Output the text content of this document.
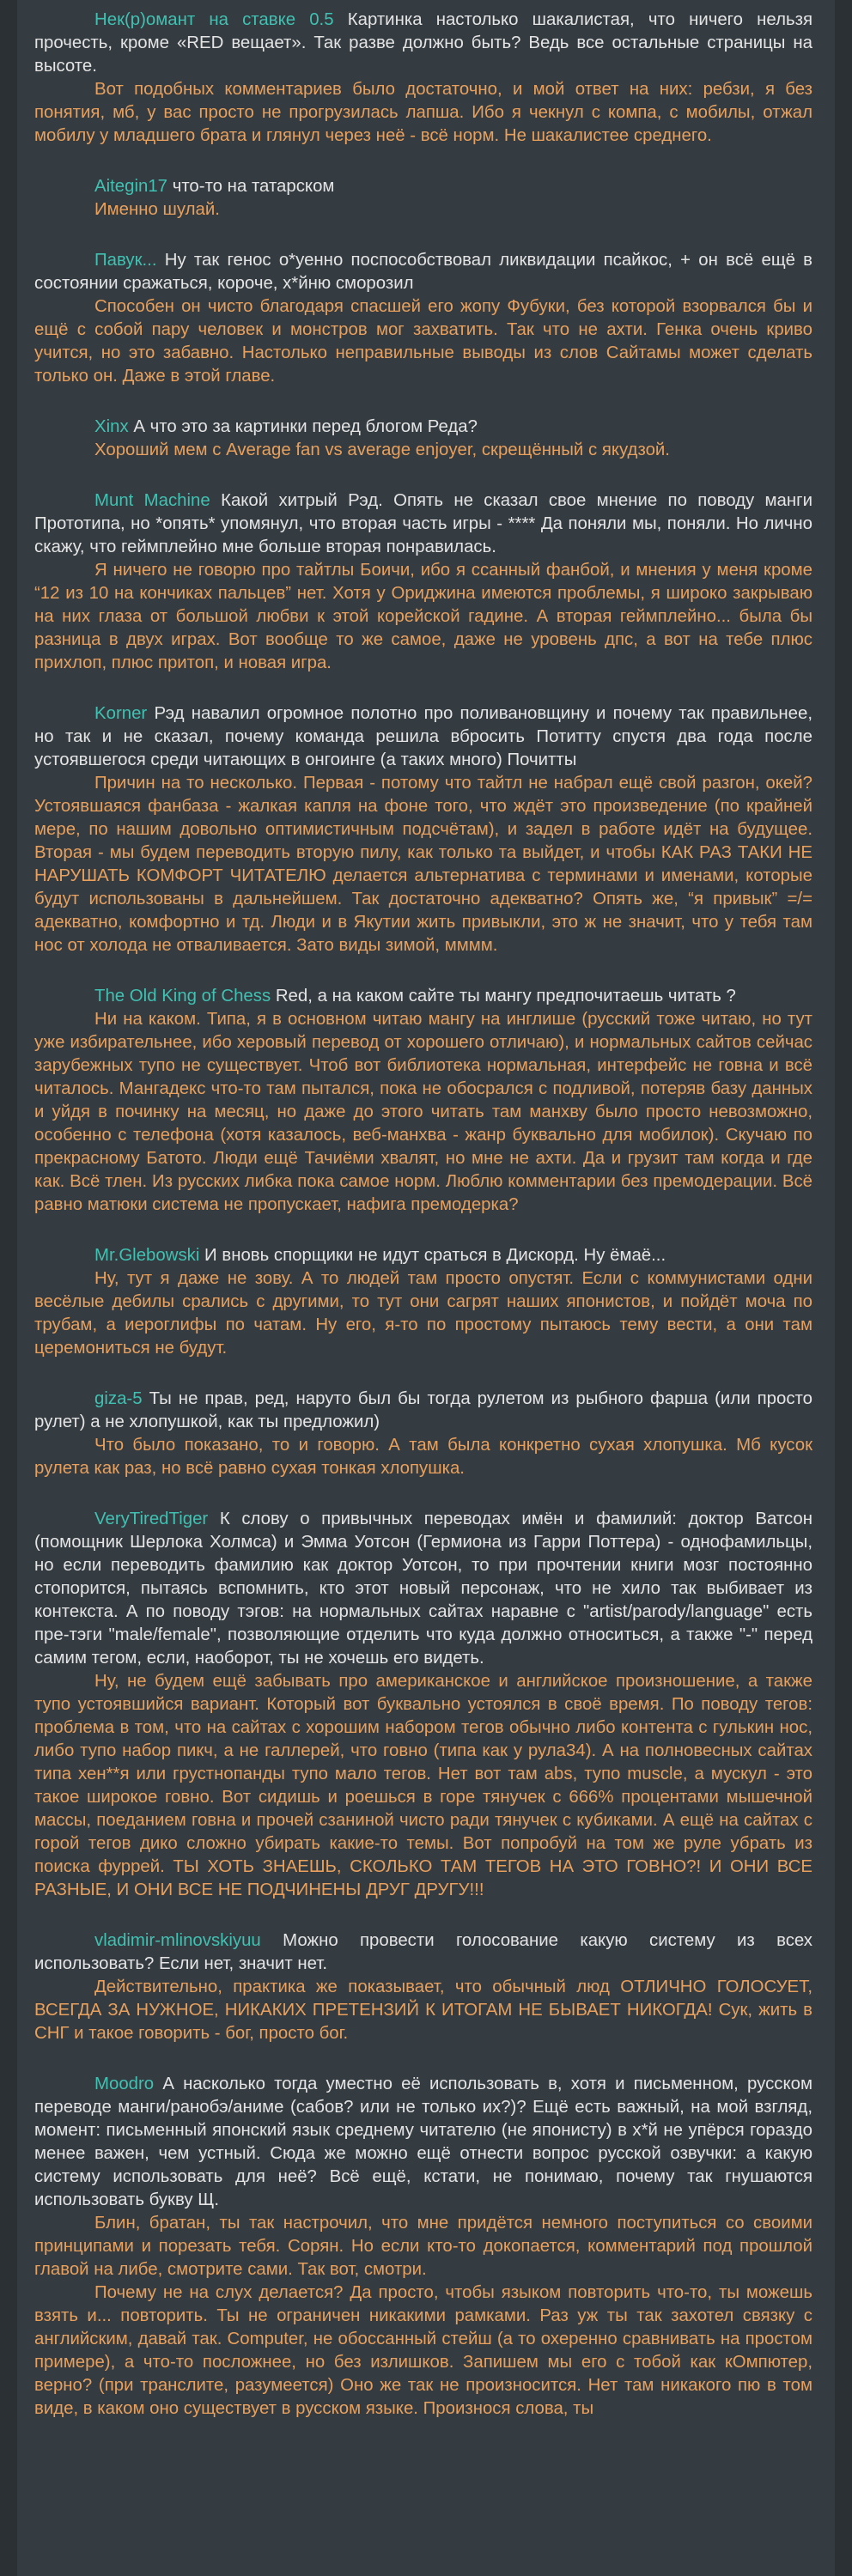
Нек(р)омант на ставке 0.5 Картинка настолько шакалистая, что ничего нельзя прочесть, кроме «RED вещает». Так разве должно быть? Ведь все остальные страницы на высоте.

Вот подобных комментариев было достаточно, и мой ответ на них: ребзи, я без понятия, мб, у вас просто не прогрузилась лапша. Ибо я чекнул с компа, с мобилы, отжал мобилу у младшего брата и глянул через неё - всё норм. Не шакалистее среднего.

Aitegin17 что-то на татарском

Именно шулай.

Павук... Ну так генос о*уенно поспособствовал ликвидации псайкос, + он всё ещё в состоянии сражаться, короче, х*йню сморозил

Способен он чисто благодаря спасшей его жопу Фубуки, без которой взорвался бы и ещё с собой пару человек и монстров мог захватить. Так что не ахти. Генка очень криво учится, но это забавно. Настолько неправильные выводы из слов Сайтамы может сделать только он. Даже в этой главе.

Xinx А что это за картинки перед блогом Реда?

Хороший мем с Average fan vs average enjoyer, скрещённый с якудзой.

Munt Machine Какой хитрый Рэд. Опять не сказал свое мнение по поводу манги Прототипа, но *опять* упомянул, что вторая часть игры - **** Да поняли мы, поняли. Но лично скажу, что геймплейно мне больше вторая понравилась.

Я ничего не говорю про тайтлы Боичи, ибо я ссанный фанбой, и мнения у меня кроме “12 из 10 на кончиках пальцев” нет. Хотя у Ориджина имеются проблемы, я широко закрываю на них глаза от большой любви к этой корейской гадине. А вторая геймплейно... была бы разница в двух играх. Вот вообще то же самое, даже не уровень дпс, а вот на тебе плюс прихлоп, плюс притоп, и новая игра.

Korner Рэд навалил огромное полотно про поливановщину и почему так правильнее, но так и не сказал, почему команда решила вбросить Потитту спустя два года после устоявшегося среди читающих в онгоинге (а таких много) Почитты

Причин на то несколько. Первая - потому что тайтл не набрал ещё свой разгон, окей? Устоявшаяся фанбаза - жалкая капля на фоне того, что ждёт это произведение (по крайней мере, по нашим довольно оптимистичным подсчётам), и задел в работе идёт на будущее. Вторая - мы будем переводить вторую пилу, как только та выйдет, и чтобы КАК РАЗ ТАКИ НЕ НАРУШАТЬ КОМФОРТ ЧИТАТЕЛЮ делается альтернатива с терминами и именами, которые будут использованы в дальнейшем. Так достаточно адекватно? Опять же, “я привык” =/= адекватно, комфортно и тд. Люди и в Якутии жить привыкли, это ж не значит, что у тебя там нос от холода не отваливается. Зато виды зимой, мммм.

The Old King of Chess Red, а на каком сайте ты мангу предпочитаешь читать ?

Ни на каком. Типа, я в основном читаю мангу на инглише (русский тоже читаю, но тут уже избирательнее, ибо херовый перевод от хорошего отличаю), и нормальных сайтов сейчас зарубежных тупо не существует. Чтоб вот библиотека нормальная, интерфейс не говна и всё читалось. Мангадекс что-то там пытался, пока не обосрался с подливой, потеряв базу данных и уйдя в починку на месяц, но даже до этого читать там манхву было просто невозможно, особенно с телефона (хотя казалось, веб-манхва - жанр буквально для мобилок). Скучаю по прекрасному Батото. Люди ещё Тачиёми хвалят, но мне не ахти. Да и грузит там когда и где как. Всё тлен. Из русских либка пока самое норм. Люблю комментарии без премодерации. Всё равно матюки система не пропускает, нафига премодерка?

Mr.Glebowski И вновь спорщики не идут сраться в Дискорд. Ну ёмаё...

Ну, тут я даже не зову. А то людей там просто опустят. Если с коммунистами одни весёлые дебилы срались с другими, то тут они сагрят наших японистов, и пойдёт моча по трубам, а иероглифы по чатам. Ну его, я-то по простому пытаюсь тему вести, а они там церемониться не будут.

giza-5 Ты не прав, ред, наруто был бы тогда рулетом из рыбного фарша (или просто рулет) а не хлопушкой, как ты предложил)

Что было показано, то и говорю. А там была конкретно сухая хлопушка. Мб кусок рулета как раз, но всё равно сухая тонкая хлопушка.

VeryTiredTiger К слову о привычных переводах имён и фамилий: доктор Ватсон (помощник Шерлока Холмса) и Эмма Уотсон (Гермиона из Гарри Поттера) - однофамильцы, но если переводить фамилию как доктор Уотсон, то при прочтении книги мозг постоянно стопорится, пытаясь вспомнить, кто этот новый персонаж, что не хило так выбивает из контекста. А по поводу тэгов: на нормальных сайтах наравне с "artist/parody/language" есть пре-тэги "male/female", позволяющие отделить что куда должно относиться, а также "-" перед самим тегом, если, наоборот, ты не хочешь его видеть.

Ну, не будем ещё забывать про американское и английское произношение, а также тупо устоявшийся вариант. Который вот буквально устоялся в своё время. По поводу тегов: проблема в том, что на сайтах с хорошим набором тегов обычно либо контента с гулькин нос, либо тупо набор пикч, а не галлерей, что говно (типа как у рула34). А на полновесных сайтах типа хен**я или грустнопанды тупо мало тегов. Нет вот там abs, тупо muscle, а мускул - это такое широкое говно. Вот сидишь и роешься в горе тянучек с 666% процентами мышечной массы, поеданием говна и прочей сзаниной чисто ради тянучек с кубиками. А ещё на сайтах с горой тегов дико сложно убирать какие-то темы. Вот попробуй на том же руле убрать из поиска фуррей. ТЫ ХОТЬ ЗНАЕШЬ, СКОЛЬКО ТАМ ТЕГОВ НА ЭТО ГОВНО?! И ОНИ ВСЕ РАЗНЫЕ, И ОНИ ВСЕ НЕ ПОДЧИНЕНЫ ДРУГ ДРУГУ!!!

vladimir-mlinovskiyuu Можно провести голосование какую систему из всех использовать? Если нет, значит нет.

Действительно, практика же показывает, что обычный люд ОТЛИЧНО ГОЛОСУЕТ, ВСЕГДА ЗА НУЖНОЕ, НИКАКИХ ПРЕТЕНЗИЙ К ИТОГАМ НЕ БЫВАЕТ НИКОГДА! Сук, жить в СНГ и такое говорить - бог, просто бог.

Moodro А насколько тогда уместно её использовать в, хотя и письменном, русском переводе манги/ранобэ/аниме (сабов? или не только их?)? Ещё есть важный, на мой взгляд, момент: письменный японский язык среднему читателю (не японисту) в х*й не упёрся гораздо менее важен, чем устный. Сюда же можно ещё отнести вопрос русской озвучки: а какую систему использовать для неё? Всё ещё, кстати, не понимаю, почему так гнушаются использовать букву Щ.

Блин, братан, ты так настрочил, что мне придётся немного поступиться со своими принципами и порезать тебя. Сорян. Но если кто-то докопается, комментарий под прошлой главой на либе, смотрите сами. Так вот, смотри.

Почему не на слух делается? Да просто, чтобы языком повторить что-то, ты можешь взять и... повторить. Ты не ограничен никакими рамками. Раз уж ты так захотел связку с английским, давай так. Computer, не обоссанный стейш (а то охеренно сравнивать на простом примере), а что-то посложнее, но без излишков. Запишем мы его с тобой как кОмпютер, верно? (при транслите, разумеется) Оно же так не произносится. Нет там никакого пю в том виде, в каком оно существует в русском языке. Произнося слова, ты
